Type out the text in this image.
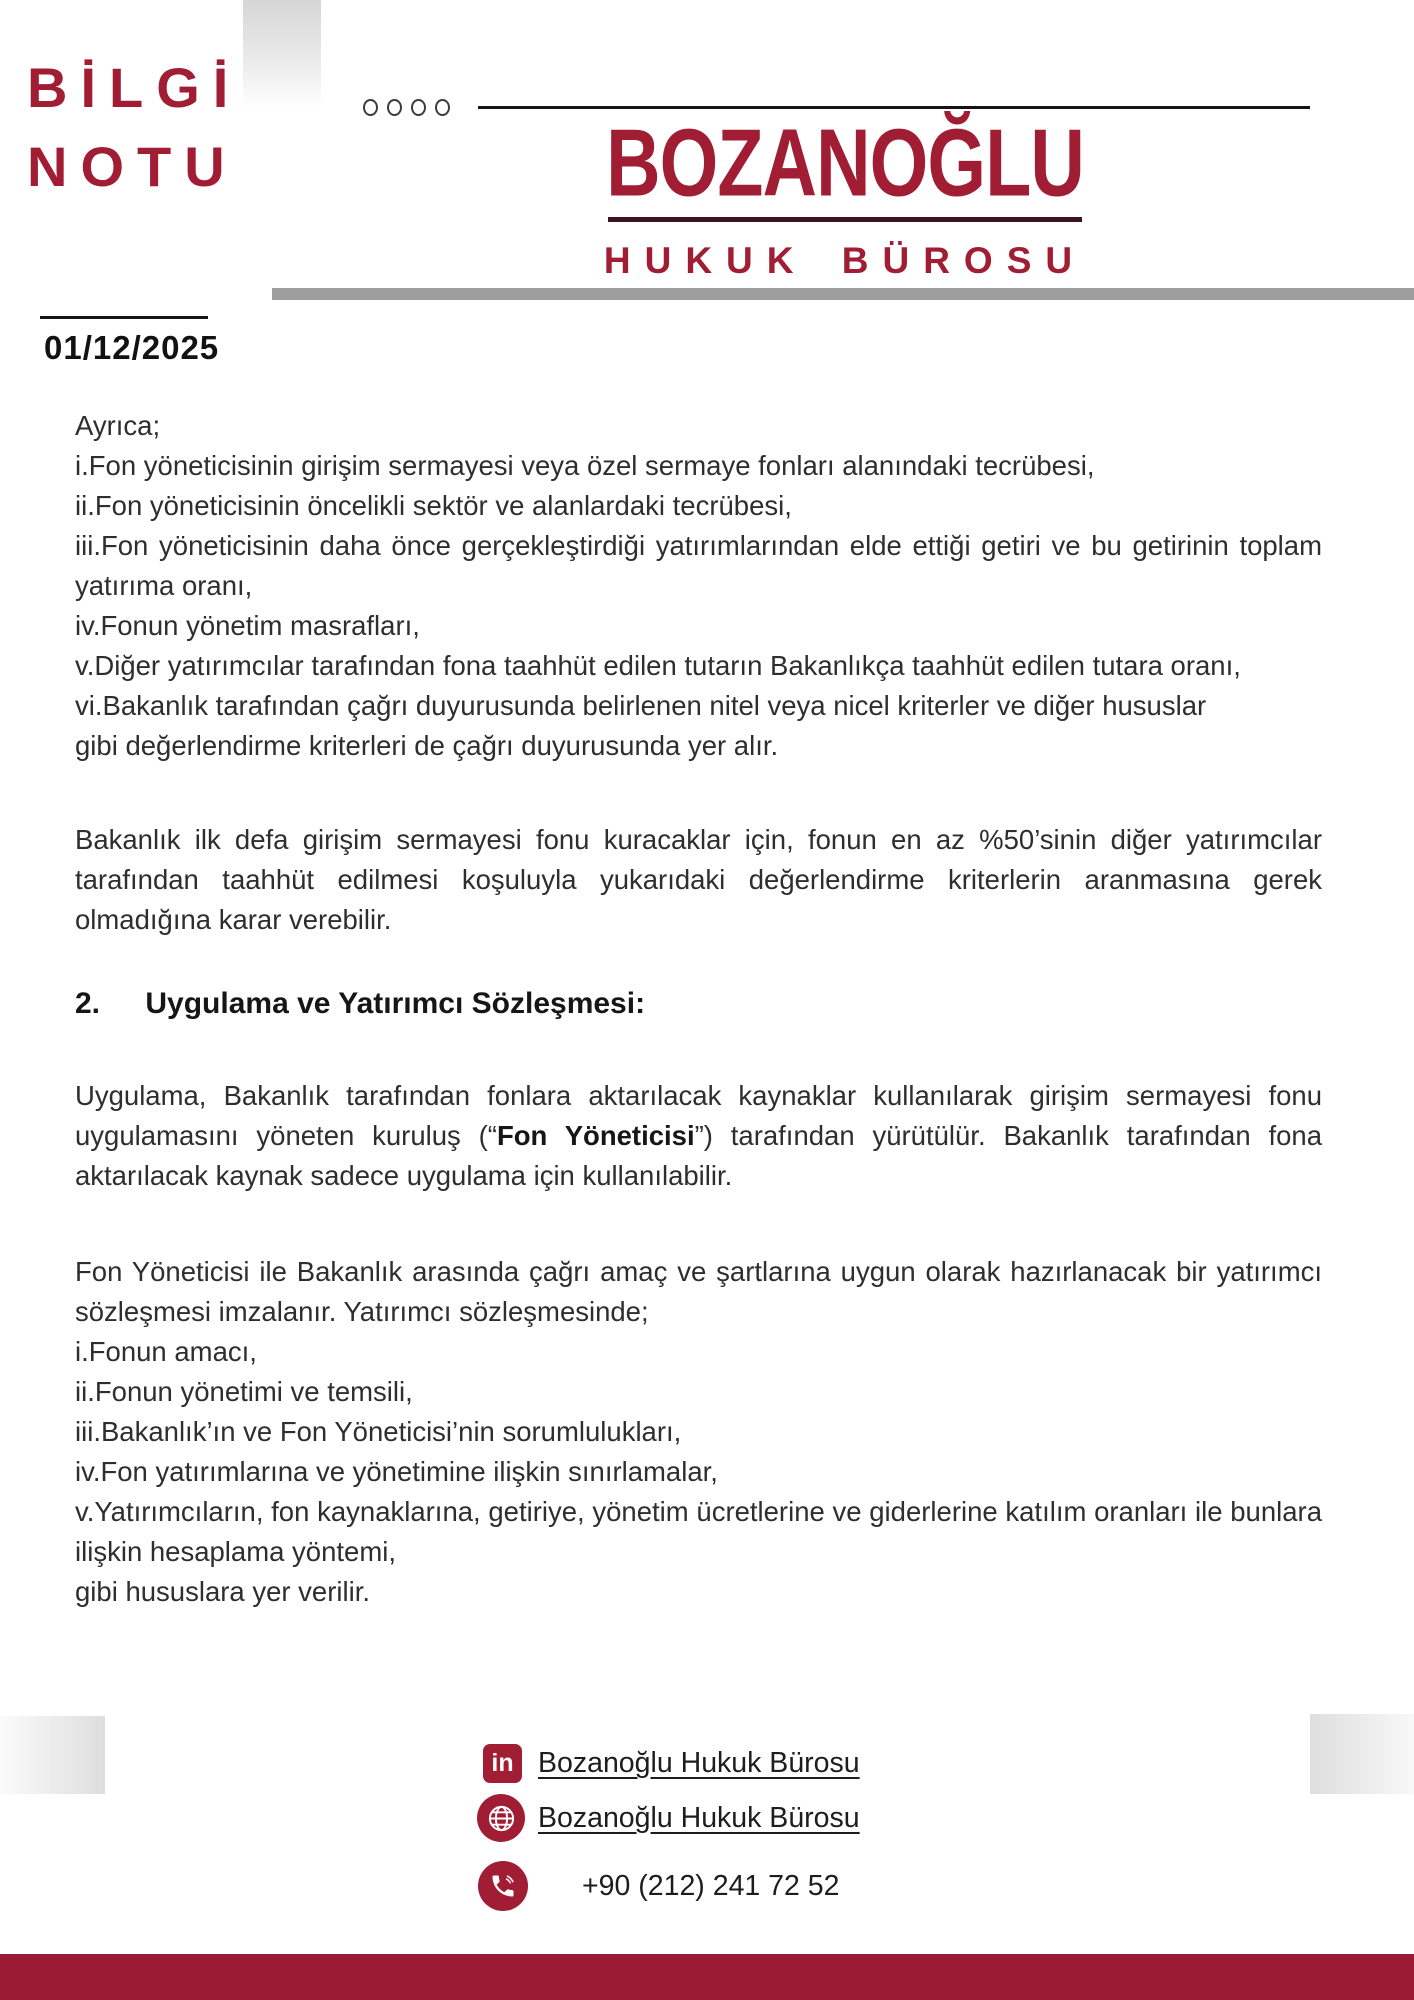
BİLGİ
NOTU	BOZANOĞLU
HUKUK BÜROSU
01/12/2025

Ayrıca;

i.Fon yöneticisinin girişim sermayesi veya özel sermaye fonları alanındaki tecrübesi,

ii.Fon yöneticisinin öncelikli sektör ve alanlardaki tecrübesi,

iii.Fon yöneticisinin daha önce gerçekleştirdiği yatırımlarından elde ettiği getiri ve bu getirinin toplam yatırıma oranı,

iv.Fonun yönetim masrafları,

v.Diğer yatırımcılar tarafından fona taahhüt edilen tutarın Bakanlıkça taahhüt edilen tutara oranı,

vi.Bakanlık tarafından çağrı duyurusunda belirlenen nitel veya nicel kriterler ve diğer hususlar

gibi değerlendirme kriterleri de çağrı duyurusunda yer alır.

Bakanlık ilk defa girişim sermayesi fonu kuracaklar için, fonun en az %50’sinin diğer yatırımcılar tarafından taahhüt edilmesi koşuluyla yukarıdaki değerlendirme kriterlerin aranmasına gerek olmadığına karar verebilir.

2. Uygulama ve Yatırımcı Sözleşmesi:

Uygulama, Bakanlık tarafından fonlara aktarılacak kaynaklar kullanılarak girişim sermayesi fonu uygulamasını yöneten kuruluş (“Fon Yöneticisi”) tarafından yürütülür. Bakanlık tarafından fona aktarılacak kaynak sadece uygulama için kullanılabilir.

Fon Yöneticisi ile Bakanlık arasında çağrı amaç ve şartlarına uygun olarak hazırlanacak bir yatırımcı sözleşmesi imzalanır. Yatırımcı sözleşmesinde;

i.Fonun amacı,

ii.Fonun yönetimi ve temsili,

iii.Bakanlık’ın ve Fon Yöneticisi’nin sorumlulukları,

iv.Fon yatırımlarına ve yönetimine ilişkin sınırlamalar,

v.Yatırımcıların, fon kaynaklarına, getiriye, yönetim ücretlerine ve giderlerine katılım oranları ile bunlara ilişkin hesaplama yöntemi,

gibi hususlara yer verilir.

in Bozanoğlu Hukuk Bürosu
Bozanoğlu Hukuk Bürosu
+90 (212) 241 72 52
